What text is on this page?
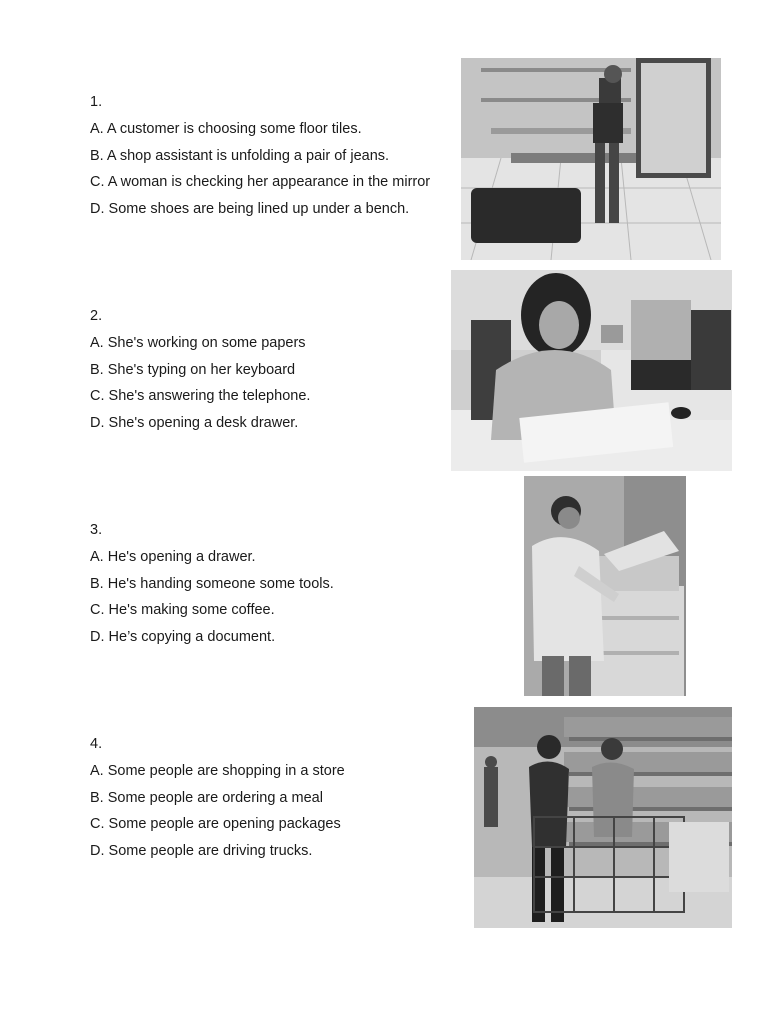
1.
A. A customer is choosing some floor tiles.
B. A shop assistant is unfolding a pair of jeans.
C. A woman is checking her appearance in the mirror
D. Some shoes are being lined up under a bench.
2.
A. She's working on some papers
B. She's typing on her keyboard
C. She's answering the telephone.
D. She's opening a desk drawer.
3.
A. He's opening a drawer.
B. He's handing someone some tools.
C. He's making some coffee.
D. He’s copying a document.
4.
A. Some people are shopping in a store
B. Some people are ordering a meal
C. Some people are opening packages
D. Some people are driving trucks.
